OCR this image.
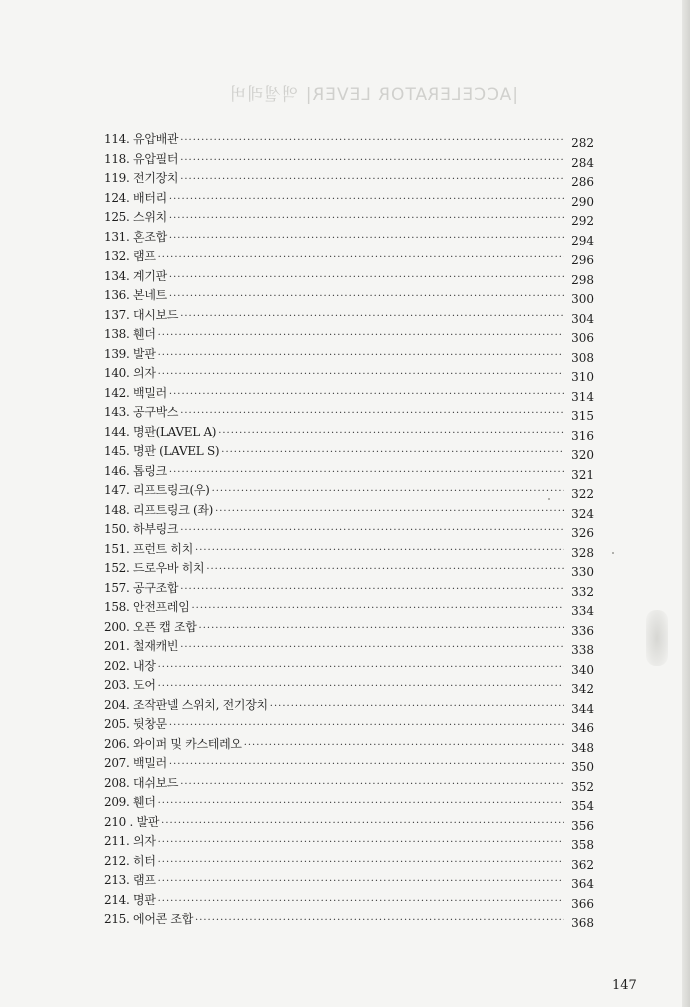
|ACCELERATOR LEVER| 액셀레버
114. 유압배관 ·····	282
118. 유압필터 ·····	284
119. 전기장치 ·····	286
124. 배터리 ·····	290
125. 스위치 ·····	292
131. 혼조합 ·····	294
132. 램프 ·····	296
134. 계기판 ·····	298
136. 본네트 ·····	300
137. 대시보드 ·····	304
138. 휀더 ·····	306
139. 발판 ·····	308
140. 의자 ·····	310
142. 백밀러 ·····	314
143. 공구박스 ·····	315
144. 명판(LAVEL A) ·····	316
145. 명판 (LAVEL S) ·····	320
146. 톱링크 ·····	321
147. 리프트링크(우) ·····	322
148. 리프트링크 (좌) ·····	324
150. 하부링크 ·····	326
151. 프런트 히치 ·····	328
152. 드로우바 히치 ·····	330
157. 공구조합 ·····	332
158. 안전프레임 ·····	334
200. 오픈 캡 조합 ·····	336
201. 철재캐빈 ·····	338
202. 내장 ·····	340
203. 도어 ·····	342
204. 조작판넬 스위치, 전기장치 ·····	344
205. 뒷창문 ·····	346
206. 와이퍼 및 카스테레오 ·····	348
207. 백밀러 ·····	350
208. 대쉬보드 ·····	352
209. 휀더 ·····	354
210 . 발판 ·····	356
211. 의자 ·····	358
212. 히터 ·····	362
213. 램프 ·····	364
214. 명판 ·····	366
215. 에어콘 조합 ·····	368
147
